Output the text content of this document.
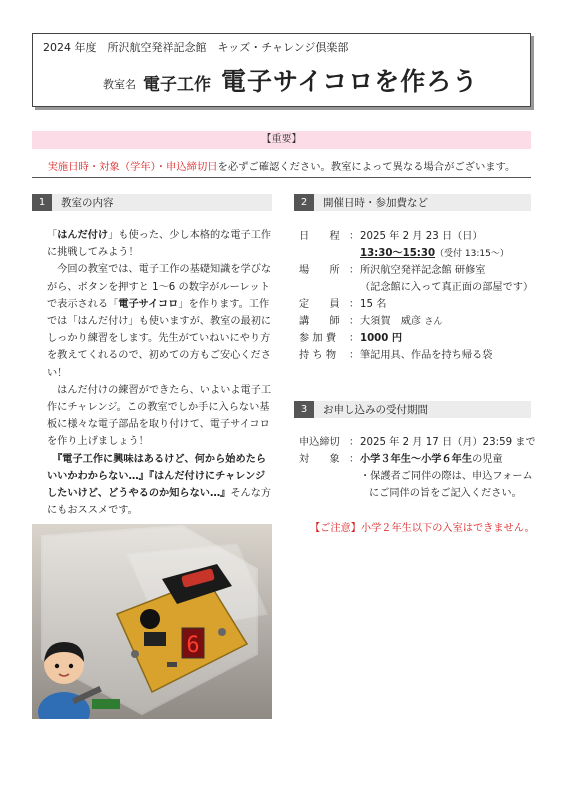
2024 年度　所沢航空発祥記念館　キッズ・チャレンジ倶楽部
教室名 電子工作 電子サイコロを作ろう
【重要】
実施日時・対象（学年）・申込締切日を必ずご確認ください。教室によって異なる場合がございます。
1	教室の内容

「はんだ付け」も使った、少し本格的な電子工作に挑戦してみよう！

　今回の教室では、電子工作の基礎知識を学びながら、ボタンを押すと 1～6 の数字がルーレットで表示される「電子サイコロ」を作ります。工作では「はんだ付け」も使いますが、教室の最初にしっかり練習をします。先生がていねいにやり方を教えてくれるので、初めての方もご安心ください！

　はんだ付けの練習ができたら、いよいよ電子工作にチャレンジ。この教室でしか手に入らない基板に様々な電子部品を取り付けて、電子サイコロを作り上げましょう！

　『電子工作に興味はあるけど、何から始めたらいいかわからない…』『はんだ付けにチャレンジしたいけど、どうやるのか知らない…』そんな方にもおススメです。

6
2	開催日時・参加費など
日　　程 ： 2025 年 2 月 23 日（日）
13:30～15:30（受付 13:15～）
場　　所 ： 所沢航空発祥記念館 研修室
（記念館に入って真正面の部屋です）
定　　員 ： 15 名
講　　師 ： 大須賀　威彦 さん
参 加 費	： 1000 円
持 ち 物	： 筆記用具、作品を持ち帰る袋
3	お申し込みの受付期間
申込締切 ： 2025 年 2 月 17 日（月）23:59 まで
対　　象 ： 小学３年生～小学６年生の児童
・保護者ご同伴の際は、申込フォーム
にご同伴の旨をご記入ください。
【ご注意】小学２年生以下の入室はできません。
